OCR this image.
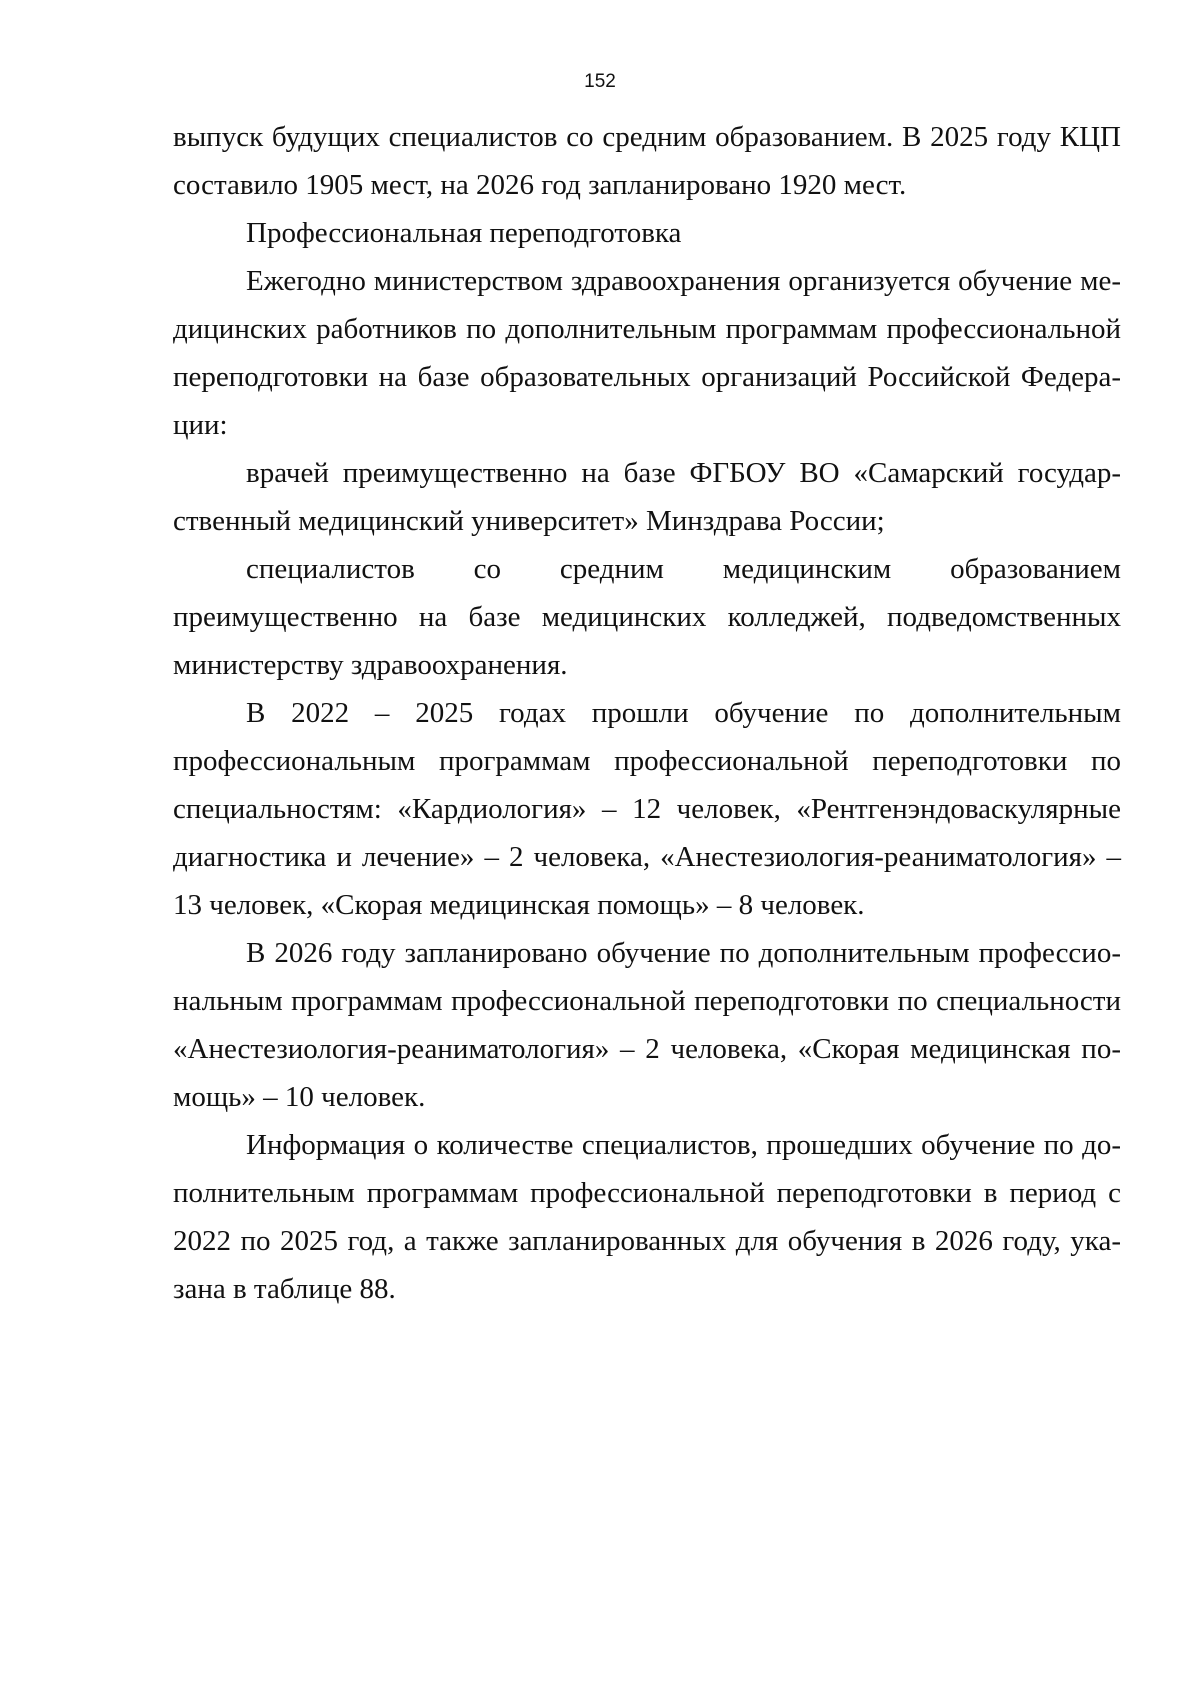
152

выпуск будущих специалистов со средним образованием. В 2025 году КЦП составило 1905 мест, на 2026 год запланировано 1920 мест.

Профессиональная переподготовка

Ежегодно министерством здравоохранения организуется обучение медицинских работников по дополнительным программам профессиональной переподготовки на базе образовательных организаций Российской Федерации:

врачей преимущественно на базе ФГБОУ ВО «Самарский государственный медицинский университет» Минздрава России;

специалистов со средним медицинским образованием преимущественно на базе медицинских колледжей, подведомственных министерству здравоохранения.

В 2022 – 2025 годах прошли обучение по дополнительным профессиональным программам профессиональной переподготовки по специальностям: «Кардиология» – 12 человек, «Рентгенэндоваскулярные диагностика и лечение» – 2 человека, «Анестезиология-реаниматология» – 13 человек, «Скорая медицинская помощь» – 8 человек.

В 2026 году запланировано обучение по дополнительным профессиональным программам профессиональной переподготовки по специальности «Анестезиология-реаниматология» – 2 человека, «Скорая медицинская помощь» – 10 человек.

Информация о количестве специалистов, прошедших обучение по дополнительным программам профессиональной переподготовки в период с 2022 по 2025 год, а также запланированных для обучения в 2026 году, указана в таблице 88.
